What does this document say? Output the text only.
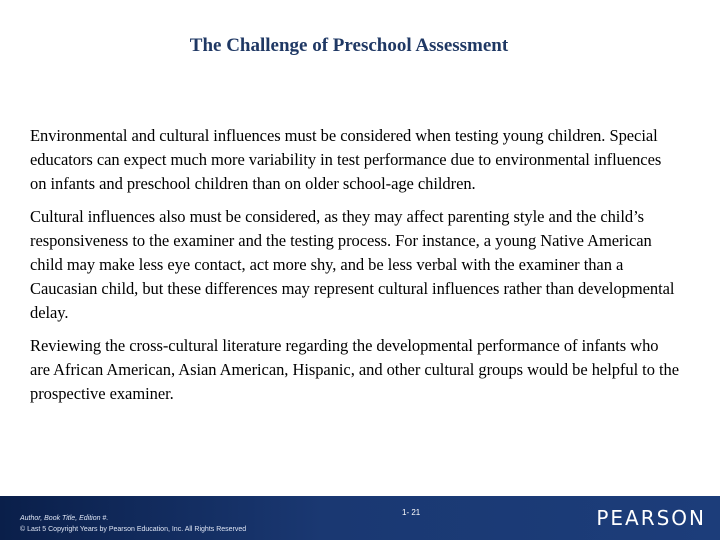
The Challenge of Preschool Assessment

Environmental and cultural influences must be considered when testing young children. Special educators can expect much more variability in test performance due to environmental influences on infants and preschool children than on older school-age children.

Cultural influences also must be considered, as they may affect parenting style and the child’s responsiveness to the examiner and the testing process. For instance, a young Native American child may make less eye contact, act more shy, and be less verbal with the examiner than a Caucasian child, but these differences may represent cultural influences rather than developmental delay.

Reviewing the cross-cultural literature regarding the developmental performance of infants who are African American, Asian American, Hispanic, and other cultural groups would be helpful to the prospective examiner.

Author, Book Title, Edition #.
© Last 5 Copyright Years by Pearson Education, Inc. All Rights Reserved
1- 21	PEARSON
